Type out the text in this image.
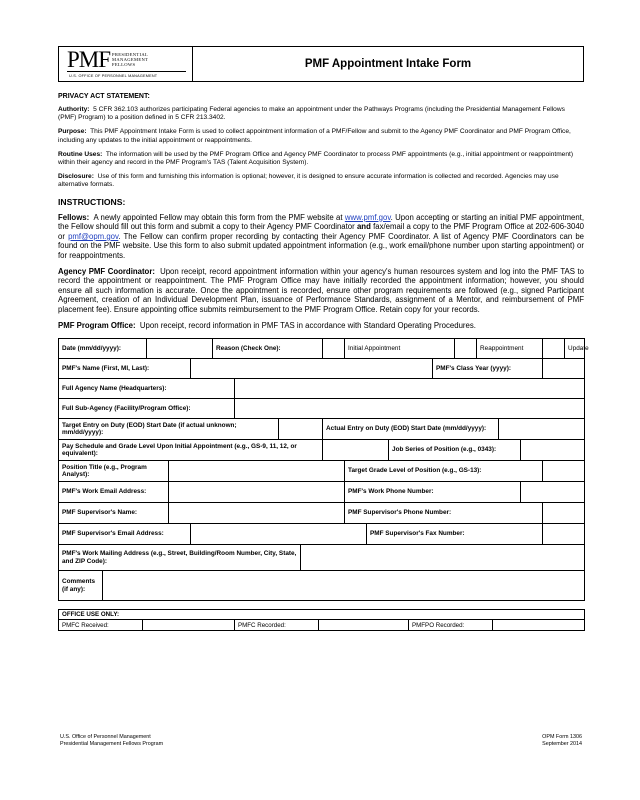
PMF PRESIDENTIAL
MANAGEMENT
FELLOWS
U.S. OFFICE OF PERSONNEL MANAGEMENT
PMF Appointment Intake Form
PRIVACY ACT STATEMENT:
Authority: 5 CFR 362.103 authorizes participating Federal agencies to make an appointment under the Pathways Programs (including the Presidential Management Fellows (PMF) Program) to a position defined in 5 CFR 213.3402.
Purpose: This PMF Appointment Intake Form is used to collect appointment information of a PMF/Fellow and submit to the Agency PMF Coordinator and PMF Program Office, including any updates to the initial appointment or reappointments.
Routine Uses: The information will be used by the PMF Program Office and Agency PMF Coordinator to process PMF appointments (e.g., initial appointment or reappointment) within their agency and record in the PMF Program's TAS (Talent Acquisition System).
Disclosure: Use of this form and furnishing this information is optional; however, it is designed to ensure accurate information is collected and recorded. Agencies may use alternative formats.
INSTRUCTIONS:
Fellows: A newly appointed Fellow may obtain this form from the PMF website at www.pmf.gov. Upon accepting or starting an initial PMF appointment, the Fellow should fill out this form and submit a copy to their Agency PMF Coordinator and fax/email a copy to the PMF Program Office at 202-606-3040 or pmf@opm.gov. The Fellow can confirm proper recording by contacting their Agency PMF Coordinator. A list of Agency PMF Coordinators can be found on the PMF website. Use this form to also submit updated appointment information (e.g., work email/phone number upon starting appointment) or for reappointments.
Agency PMF Coordinator: Upon receipt, record appointment information within your agency's human resources system and log into the PMF TAS to record the appointment or reappointment. The PMF Program Office may have initially recorded the appointment information; however, you should ensure all such information is accurate. Once the appointment is recorded, ensure other program requirements are followed (e.g., signed Participant Agreement, creation of an Individual Development Plan, issuance of Performance Standards, assignment of a Mentor, and reimbursement of PMF placement fee). Ensure appointing office submits reimbursement to the PMF Program Office. Retain copy for your records.
PMF Program Office: Upon receipt, record information in PMF TAS in accordance with Standard Operating Procedures.
Date (mm/dd/yyyy):					Reason (Check One):					Initial Appointment					Reappointment				Update
PMF's Name (First, MI, Last):													PMF's Class Year (yyyy):						
Full Agency Name (Headquarters):																			
Full Sub-Agency (Facility/Program Office):																			
Target Entry on Duty (EOD) Start Date (if actual unknown; mm/dd/yyyy):									Actual Entry on Duty (EOD) Start Date (mm/dd/yyyy):										
Pay Schedule and Grade Level Upon Initial Appointment (e.g., GS-9, 11, 12, or equivalent):												Job Series of Position (e.g., 0343):							
Position Title (e.g., Program Analyst):										Target Grade Level of Position (e.g., GS-13):									
PMF's Work Email Address:										PMF's Work Phone Number:									
PMF Supervisor's Name:										PMF Supervisor's Phone Number:									
PMF Supervisor's Email Address:											PMF Supervisor's Fax Number:								
PMF's Work Mailing Address (e.g., Street, Building/Room Number, City, State, and ZIP Code):																			
Comments (if any):																			
OFFICE USE ONLY:
PMFC Received:		PMFC Recorded:		PMFPO Recorded:	
U.S. Office of Personnel Management
Presidential Management Fellows Program
OPM Form 1306
September 2014
